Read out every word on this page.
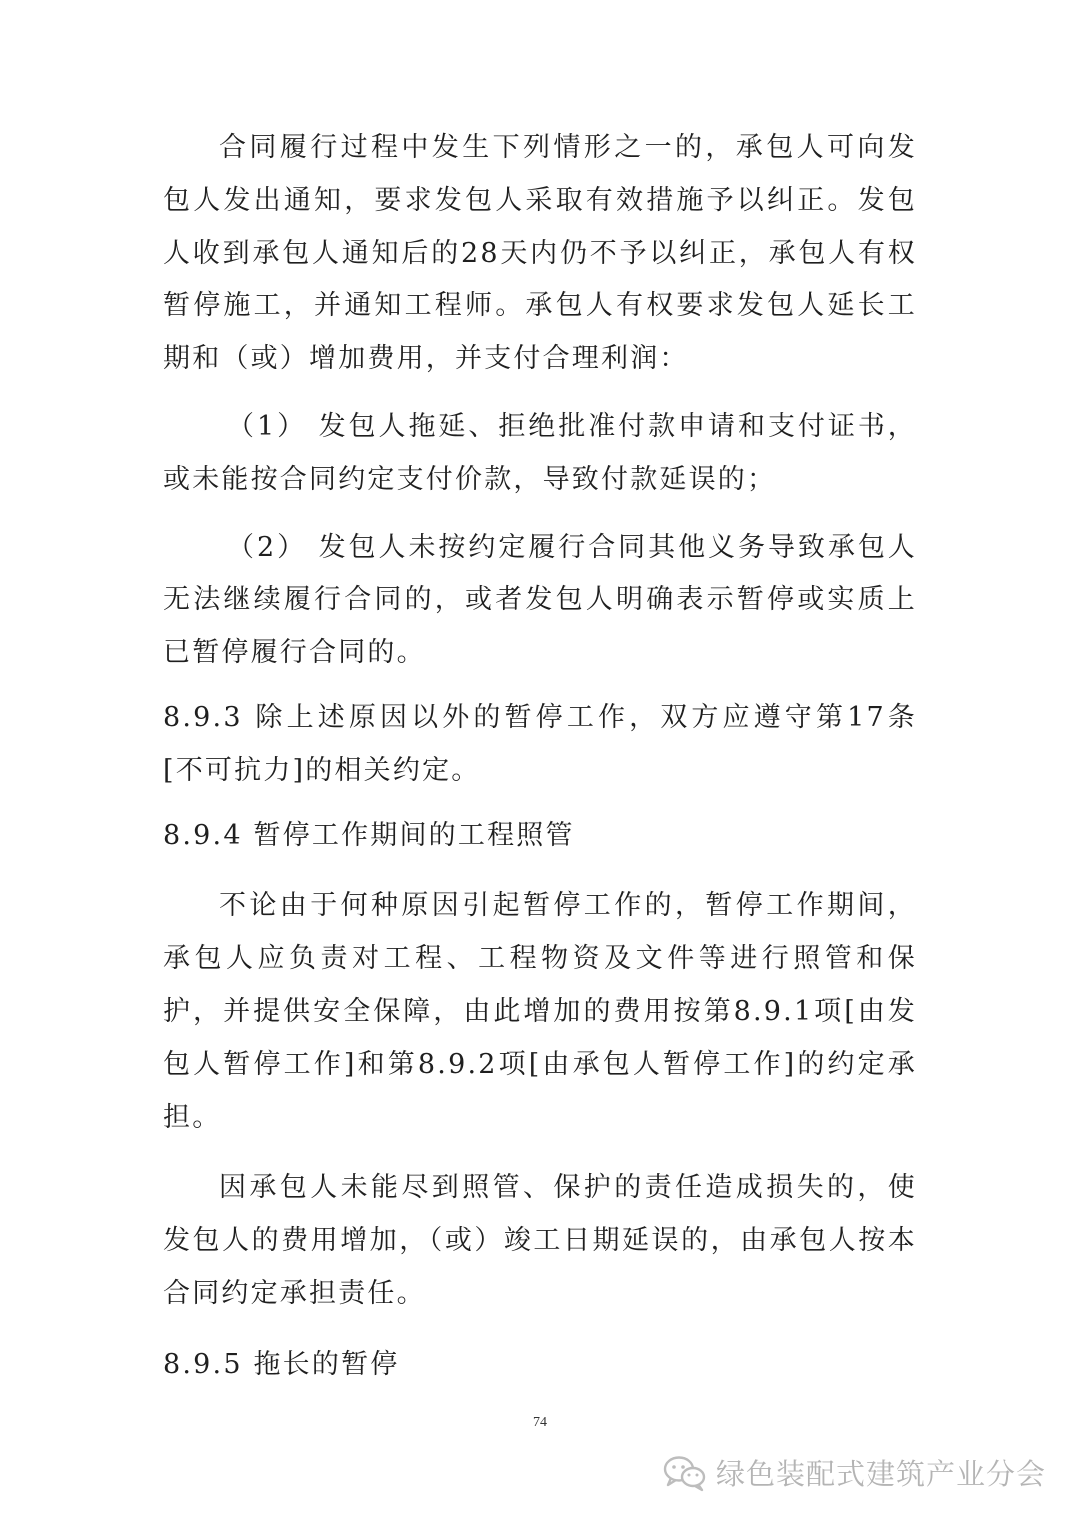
合同履行过程中发生下列情形之一的，承包人可向发包人发出通知，要求发包人采取有效措施予以纠正。发包人收到承包人通知后的28天内仍不予以纠正，承包人有权暂停施工，并通知工程师。承包人有权要求发包人延长工期和（或）增加费用，并支付合理利润：

（1） 发包人拖延、拒绝批准付款申请和支付证书，或未能按合同约定支付价款，导致付款延误的；

（2） 发包人未按约定履行合同其他义务导致承包人无法继续履行合同的，或者发包人明确表示暂停或实质上已暂停履行合同的。

8.9.3 除上述原因以外的暂停工作，双方应遵守第17条[不可抗力]的相关约定。

8.9.4 暂停工作期间的工程照管

不论由于何种原因引起暂停工作的，暂停工作期间，承包人应负责对工程、工程物资及文件等进行照管和保护，并提供安全保障，由此增加的费用按第8.9.1项[由发包人暂停工作]和第8.9.2项[由承包人暂停工作]的约定承担。

因承包人未能尽到照管、保护的责任造成损失的，使发包人的费用增加，（或）竣工日期延误的，由承包人按本合同约定承担责任。

8.9.5 拖长的暂停

74
绿色装配式建筑产业分会
